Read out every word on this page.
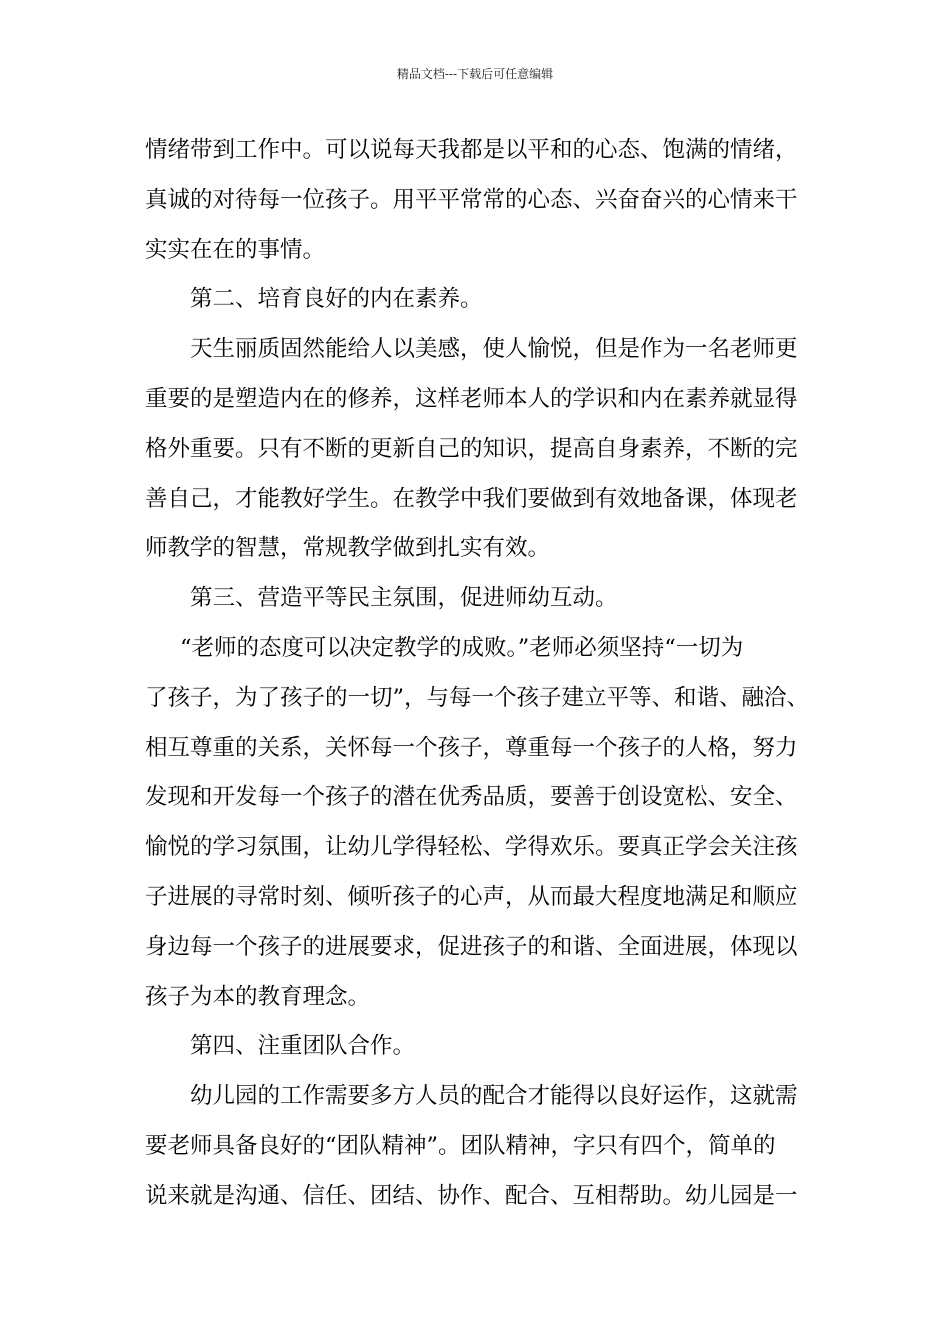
精品文档---下载后可任意编辑
情绪带到工作中。可以说每天我都是以平和的心态、饱满的情绪，
真诚的对待每一位孩子。用平平常常的心态、兴奋奋兴的心情来干
实实在在的事情。
第二、培育良好的内在素养。
天生丽质固然能给人以美感，使人愉悦，但是作为一名老师更
重要的是塑造内在的修养，这样老师本人的学识和内在素养就显得
格外重要。只有不断的更新自己的知识，提高自身素养，不断的完
善自己，才能教好学生。在教学中我们要做到有效地备课，体现老
师教学的智慧，常规教学做到扎实有效。
第三、营造平等民主氛围，促进师幼互动。
“老师的态度可以决定教学的成败。”老师必须坚持“一切为
了孩子，为了孩子的一切”，与每一个孩子建立平等、和谐、融洽、
相互尊重的关系，关怀每一个孩子，尊重每一个孩子的人格，努力
发现和开发每一个孩子的潜在优秀品质，要善于创设宽松、安全、
愉悦的学习氛围，让幼儿学得轻松、学得欢乐。要真正学会关注孩
子进展的寻常时刻、倾听孩子的心声，从而最大程度地满足和顺应
身边每一个孩子的进展要求，促进孩子的和谐、全面进展，体现以
孩子为本的教育理念。
第四、注重团队合作。
幼儿园的工作需要多方人员的配合才能得以良好运作，这就需
要老师具备良好的“团队精神”。团队精神，字只有四个，简单的
说来就是沟通、信任、团结、协作、配合、互相帮助。幼儿园是一
